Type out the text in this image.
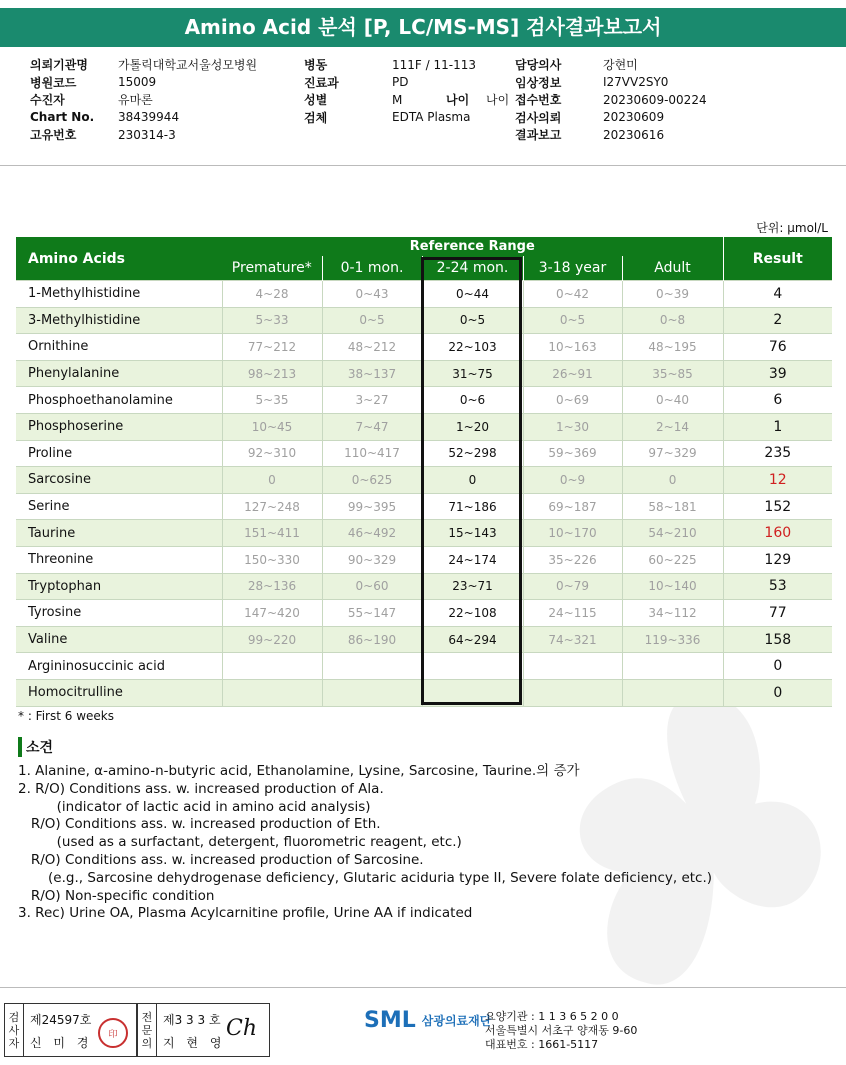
Amino Acid 분석 [P, LC/MS-MS] 검사결과보고서
의뢰기관명	가톨릭대학교서울성모병원
병원코드	15009
수진자	유마론
Chart No.	38439944
고유번호	230314-3
병동	111F / 11-113
진료과	PD
성별	M	나이	나이
검체	EDTA Plasma
담당의사	강현미
임상정보	I27VV2SY0
접수번호	20230609-00224
검사의뢰	20230609
결과보고	20230616
단위: µmol/L
Amino Acids	Reference Range					Result
	Premature*	0-1 mon.	2-24 mon.	3-18 year	Adult	
1-Methylhistidine	4~28	0~43	0~44	0~42	0~39	4
3-Methylhistidine	5~33	0~5	0~5	0~5	0~8	2
Ornithine	77~212	48~212	22~103	10~163	48~195	76
Phenylalanine	98~213	38~137	31~75	26~91	35~85	39
Phosphoethanolamine	5~35	3~27	0~6	0~69	0~40	6
Phosphoserine	10~45	7~47	1~20	1~30	2~14	1
Proline	92~310	110~417	52~298	59~369	97~329	235
Sarcosine	0	0~625	0	0~9	0	12
Serine	127~248	99~395	71~186	69~187	58~181	152
Taurine	151~411	46~492	15~143	10~170	54~210	160
Threonine	150~330	90~329	24~174	35~226	60~225	129
Tryptophan	28~136	0~60	23~71	0~79	10~140	53
Tyrosine	147~420	55~147	22~108	24~115	34~112	77
Valine	99~220	86~190	64~294	74~321	119~336	158
Argininosuccinic acid						0
Homocitrulline						0
* : First 6 weeks
소견
1. Alanine, α-amino-n-butyric acid, Ethanolamine, Lysine, Sarcosine, Taurine.의 증가
2. R/O) Conditions ass. w. increased production of Ala.
(indicator of lactic acid in amino acid analysis)
R/O) Conditions ass. w. increased production of Eth.
(used as a surfactant, detergent, fluorometric reagent, etc.)
R/O) Conditions ass. w. increased production of Sarcosine.
(e.g., Sarcosine dehydrogenase deficiency, Glutaric aciduria type II, Severe folate deficiency, etc.)
R/O) Non-specific condition
3. Rec) Urine OA, Plasma Acylcarnitine profile, Urine AA if indicated
검
사
자
제24597호
신 미 경
印
전
문
의
제3 3 3 호
지 현 영
Ch	SML 삼광의료재단
요양기관 : 1 1 3 6 5 2 0 0
서울특별시 서초구 양재동 9-60
대표번호 : 1661-5117
